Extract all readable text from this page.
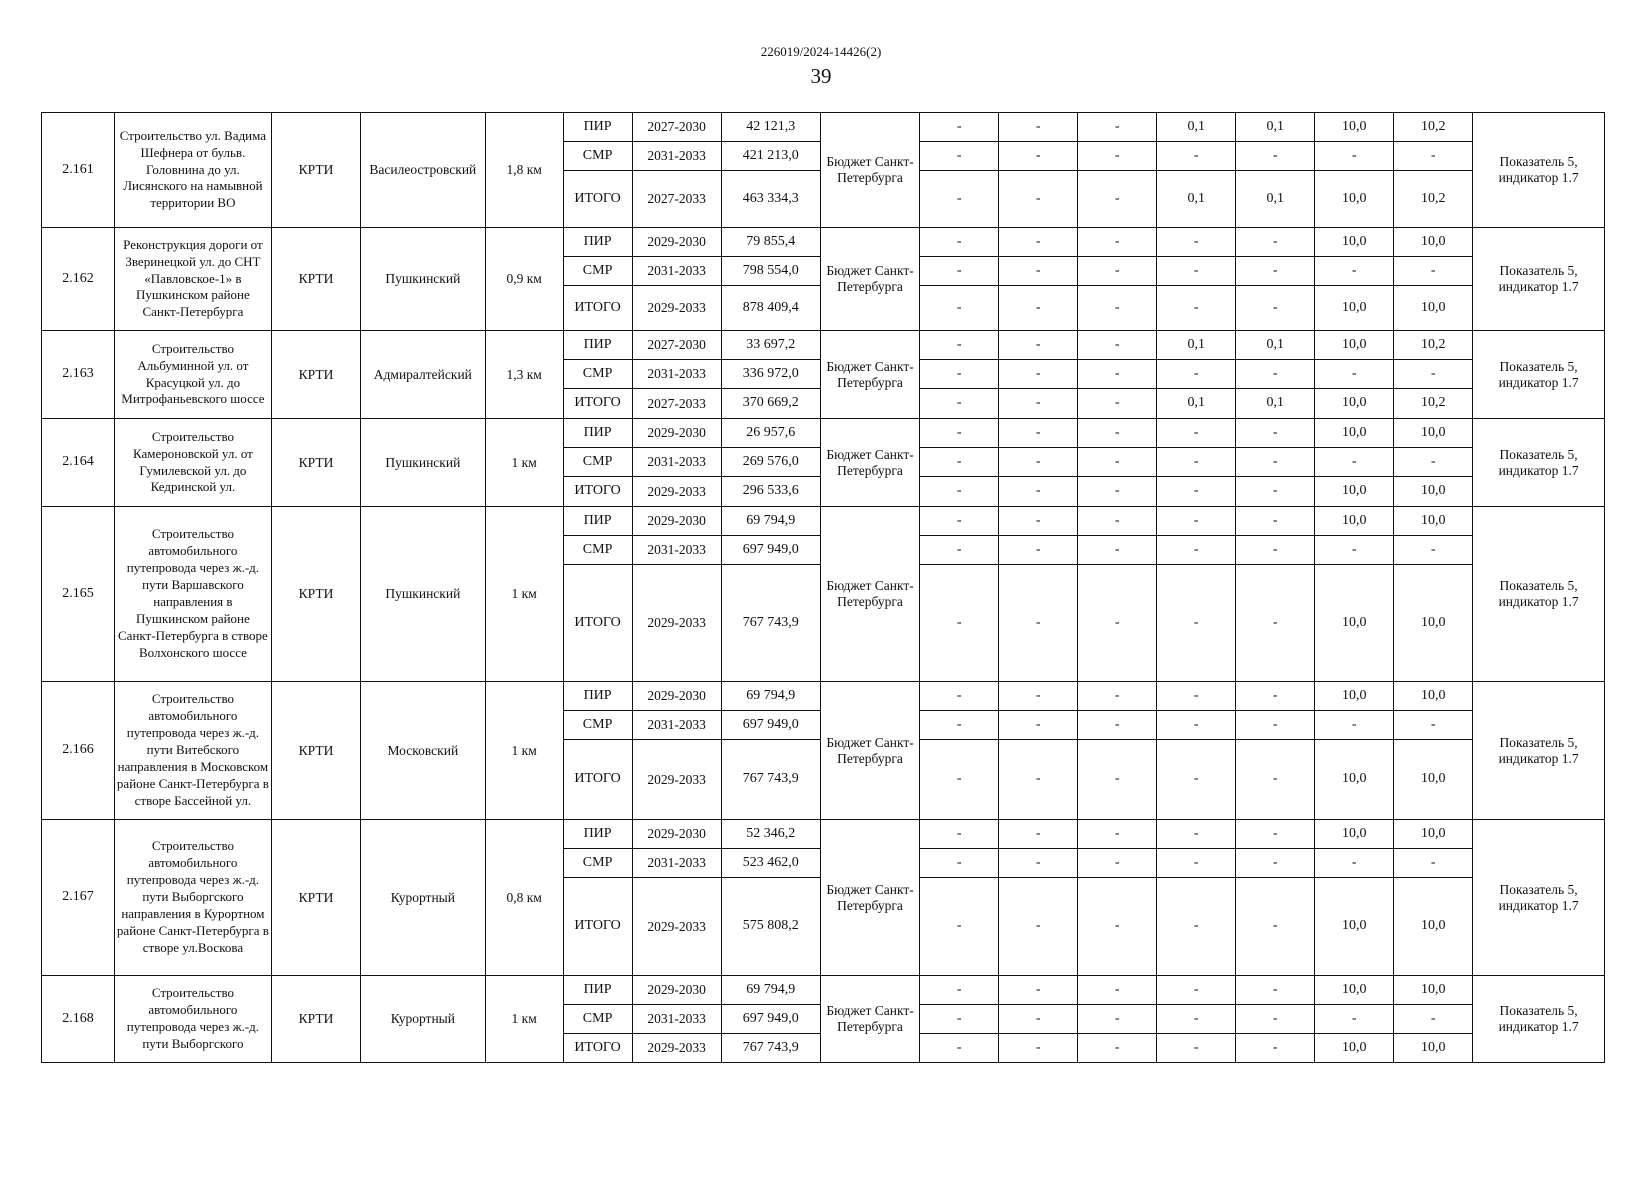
226019/2024-14426(2)
39
2.161	Строительство ул. Вадима Шефнера от бульв. Головнина до ул. Лисянского на намывной территории ВО	КРТИ	Василеостровский	1,8 км	ПИР	2027-2030	42 121,3	Бюджет Санкт-Петербурга	-	-	-	0,1	0,1	10,0	10,2	Показатель 5, индикатор 1.7
					СМР	2031-2033	421 213,0		-	-	-	-	-	-	-	
					ИТОГО	2027-2033	463 334,3		-	-	-	0,1	0,1	10,0	10,2	
2.162	Реконструкция дороги от Зверинецкой ул. до СНТ «Павловское-1» в Пушкинском районе Санкт-Петербурга	КРТИ	Пушкинский	0,9 км	ПИР	2029-2030	79 855,4	Бюджет Санкт-Петербурга	-	-	-	-	-	10,0	10,0	Показатель 5, индикатор 1.7
					СМР	2031-2033	798 554,0		-	-	-	-	-	-	-	
					ИТОГО	2029-2033	878 409,4		-	-	-	-	-	10,0	10,0	
2.163	Строительство Альбуминной ул. от Красуцкой ул. до Митрофаньевского шоссе	КРТИ	Адмиралтейский	1,3 км	ПИР	2027-2030	33 697,2	Бюджет Санкт-Петербурга	-	-	-	0,1	0,1	10,0	10,2	Показатель 5, индикатор 1.7
					СМР	2031-2033	336 972,0		-	-	-	-	-	-	-	
					ИТОГО	2027-2033	370 669,2		-	-	-	0,1	0,1	10,0	10,2	
2.164	Строительство Камероновской ул. от Гумилевской ул. до Кедринской ул.	КРТИ	Пушкинский	1 км	ПИР	2029-2030	26 957,6	Бюджет Санкт-Петербурга	-	-	-	-	-	10,0	10,0	Показатель 5, индикатор 1.7
					СМР	2031-2033	269 576,0		-	-	-	-	-	-	-	
					ИТОГО	2029-2033	296 533,6		-	-	-	-	-	10,0	10,0	
2.165	Строительство автомобильного путепровода через ж.-д. пути Варшавского направления в Пушкинском районе Санкт-Петербурга в створе Волхонского шоссе	КРТИ	Пушкинский	1 км	ПИР	2029-2030	69 794,9	Бюджет Санкт-Петербурга	-	-	-	-	-	10,0	10,0	Показатель 5, индикатор 1.7
					СМР	2031-2033	697 949,0		-	-	-	-	-	-	-	
					ИТОГО	2029-2033	767 743,9		-	-	-	-	-	10,0	10,0	
2.166	Строительство автомобильного путепровода через ж.-д. пути Витебского направления в Московском районе Санкт-Петербурга в створе Бассейной ул.	КРТИ	Московский	1 км	ПИР	2029-2030	69 794,9	Бюджет Санкт-Петербурга	-	-	-	-	-	10,0	10,0	Показатель 5, индикатор 1.7
					СМР	2031-2033	697 949,0		-	-	-	-	-	-	-	
					ИТОГО	2029-2033	767 743,9		-	-	-	-	-	10,0	10,0	
2.167	Строительство автомобильного путепровода через ж.-д. пути Выборгского направления в Курортном районе Санкт-Петербурга в створе ул.Воскова	КРТИ	Курортный	0,8 км	ПИР	2029-2030	52 346,2	Бюджет Санкт-Петербурга	-	-	-	-	-	10,0	10,0	Показатель 5, индикатор 1.7
					СМР	2031-2033	523 462,0		-	-	-	-	-	-	-	
					ИТОГО	2029-2033	575 808,2		-	-	-	-	-	10,0	10,0	
2.168	Строительство автомобильного путепровода через ж.-д. пути Выборгского	КРТИ	Курортный	1 км	ПИР	2029-2030	69 794,9	Бюджет Санкт-Петербурга	-	-	-	-	-	10,0	10,0	Показатель 5, индикатор 1.7
					СМР	2031-2033	697 949,0		-	-	-	-	-	-	-	
					ИТОГО	2029-2033	767 743,9		-	-	-	-	-	10,0	10,0	
